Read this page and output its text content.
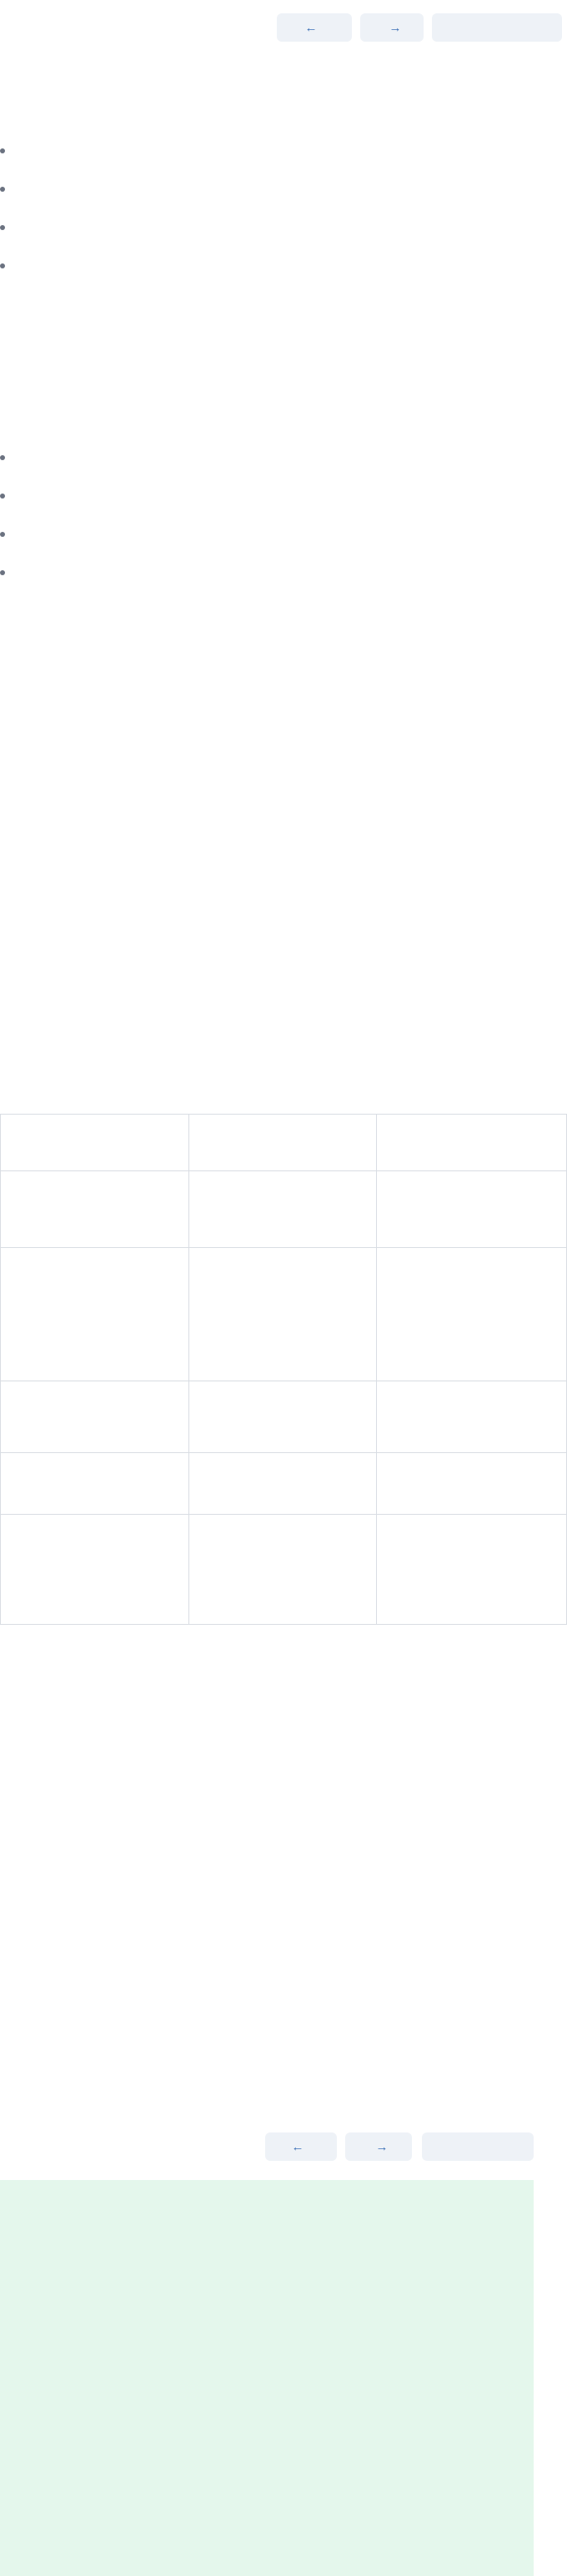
←	→

←	→
